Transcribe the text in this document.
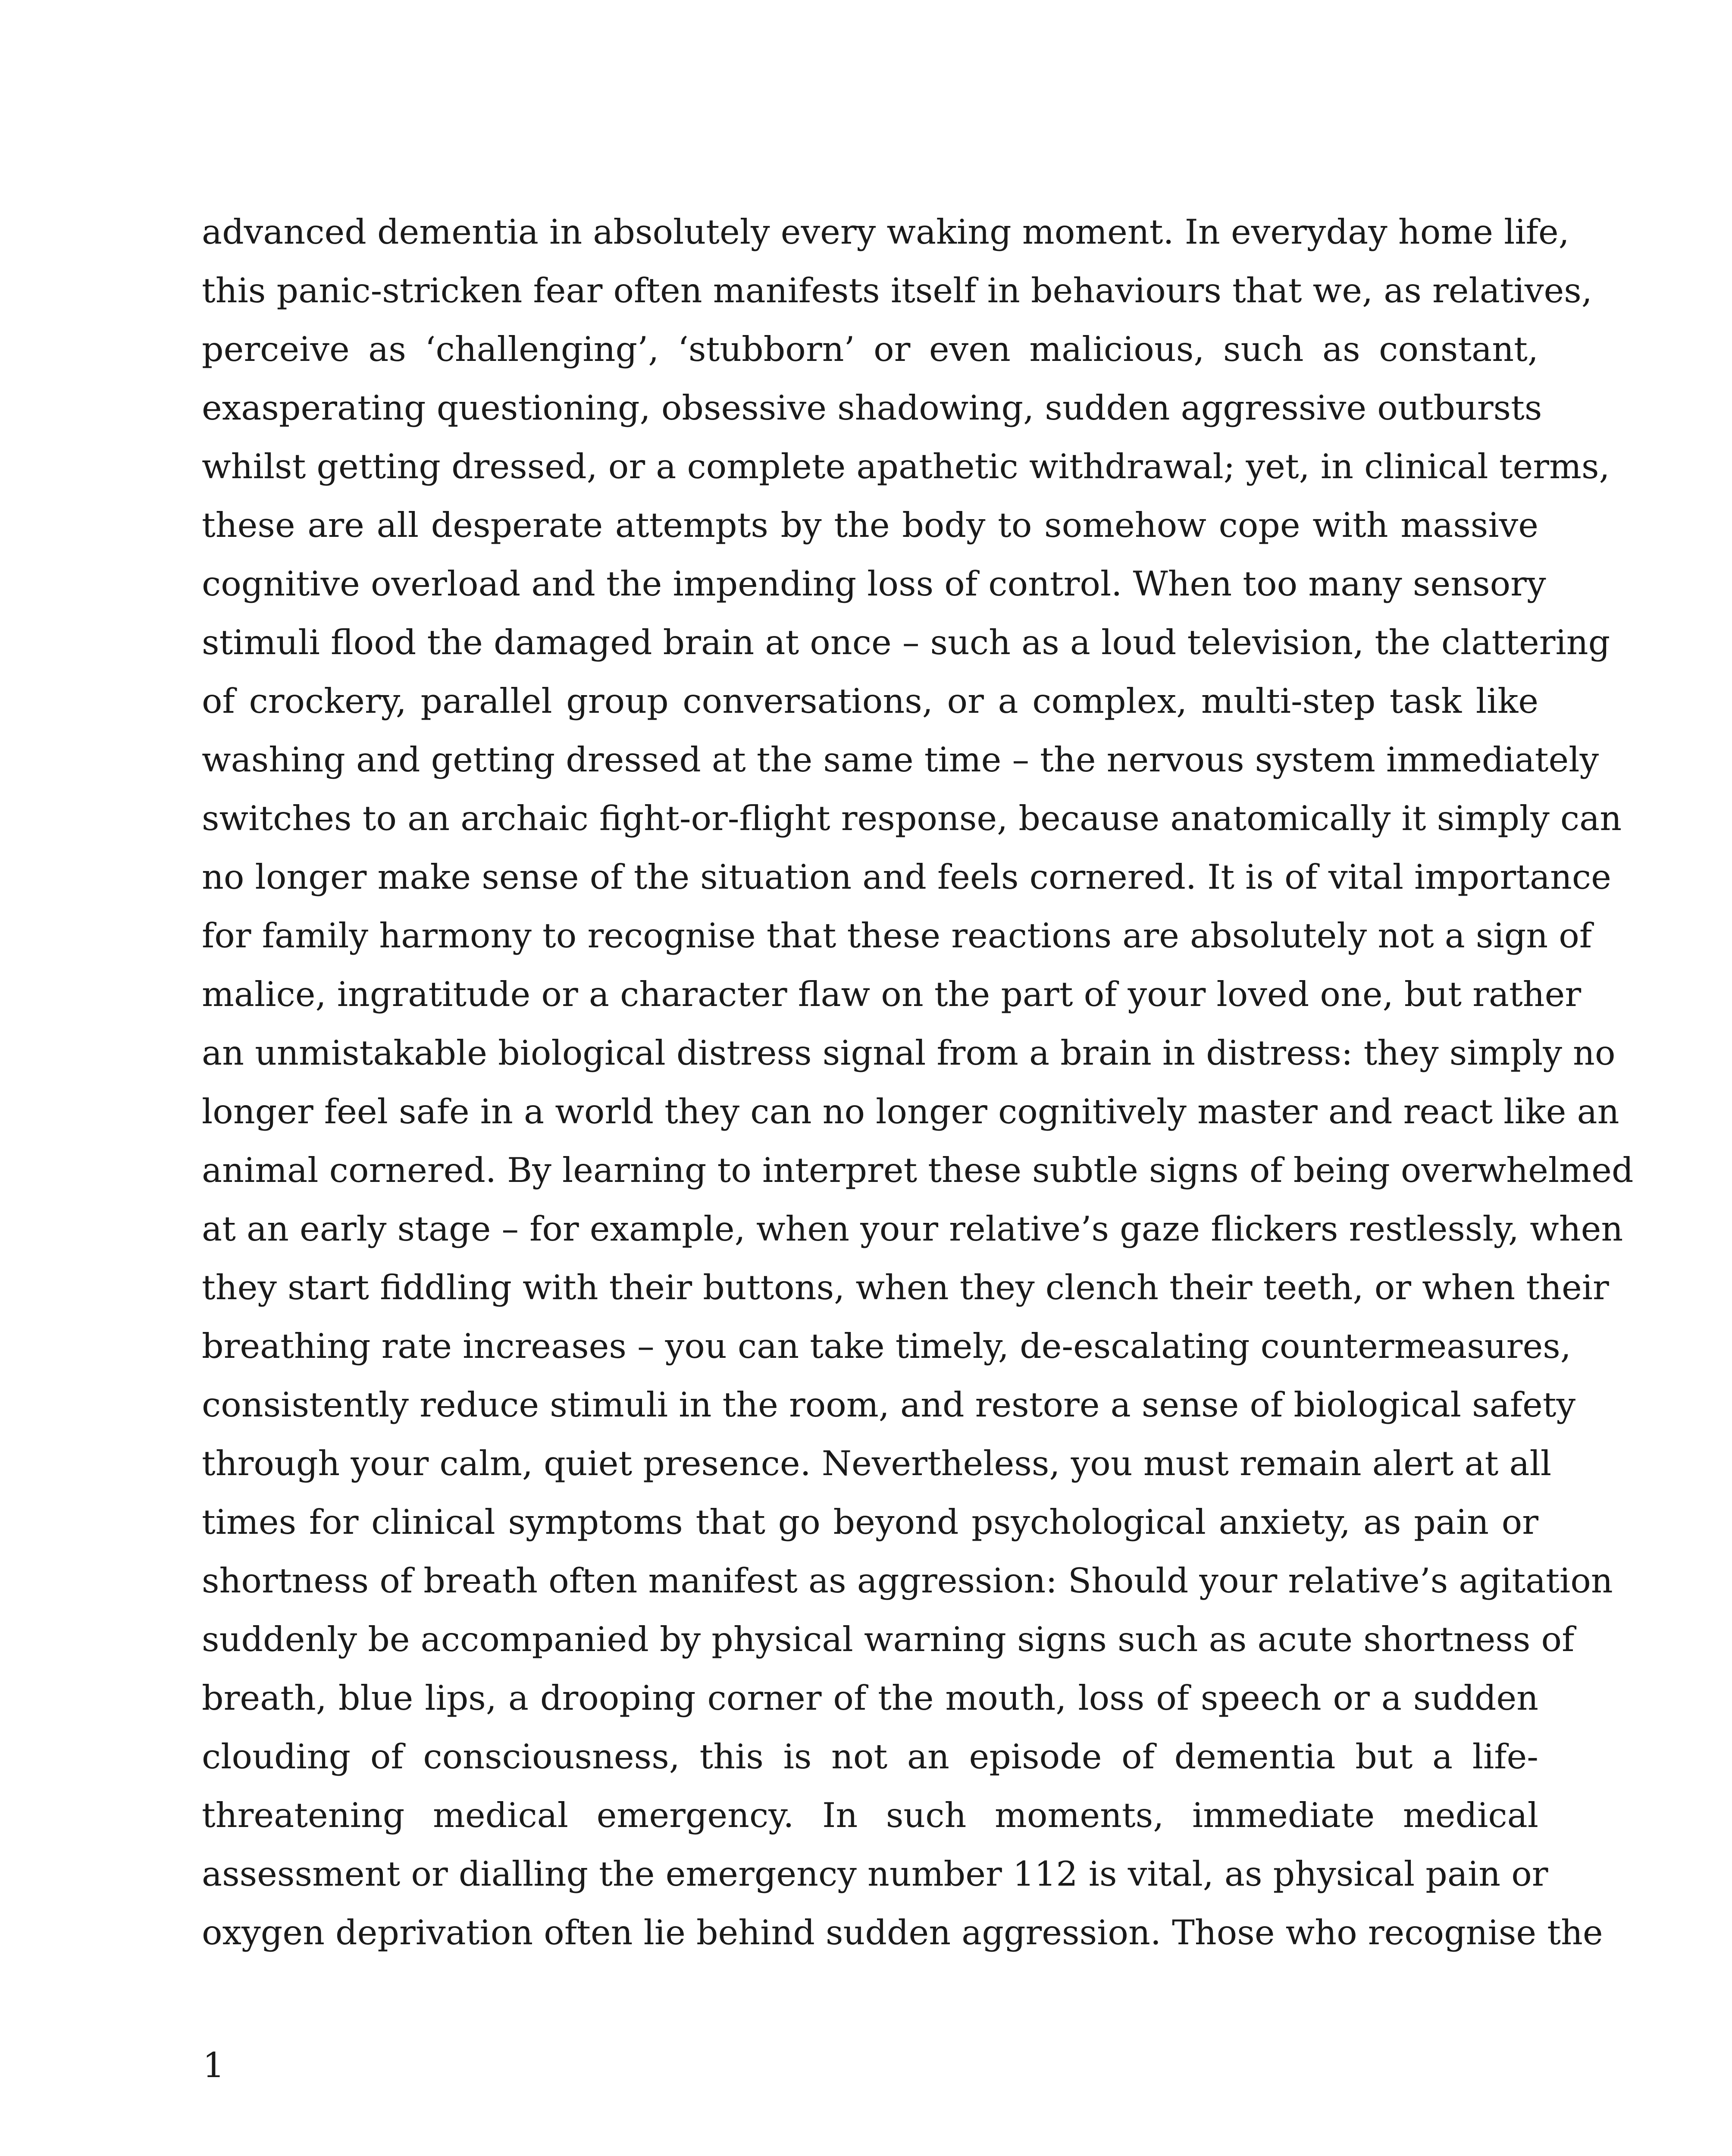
advanced dementia in absolutely every waking moment. In everyday home life,
this panic-stricken fear often manifests itself in behaviours that we, as relatives,
perceive as ‘challenging’, ‘stubborn’ or even malicious, such as constant,
exasperating questioning, obsessive shadowing, sudden aggressive outbursts
whilst getting dressed, or a complete apathetic withdrawal; yet, in clinical terms,
these are all desperate attempts by the body to somehow cope with massive
cognitive overload and the impending loss of control. When too many sensory
stimuli flood the damaged brain at once – such as a loud television, the clattering
of crockery, parallel group conversations, or a complex, multi-step task like
washing and getting dressed at the same time – the nervous system immediately
switches to an archaic fight-or-flight response, because anatomically it simply can
no longer make sense of the situation and feels cornered. It is of vital importance
for family harmony to recognise that these reactions are absolutely not a sign of
malice, ingratitude or a character flaw on the part of your loved one, but rather
an unmistakable biological distress signal from a brain in distress: they simply no
longer feel safe in a world they can no longer cognitively master and react like an
animal cornered. By learning to interpret these subtle signs of being overwhelmed
at an early stage – for example, when your relative’s gaze flickers restlessly, when
they start fiddling with their buttons, when they clench their teeth, or when their
breathing rate increases – you can take timely, de-escalating countermeasures,
consistently reduce stimuli in the room, and restore a sense of biological safety
through your calm, quiet presence. Nevertheless, you must remain alert at all
times for clinical symptoms that go beyond psychological anxiety, as pain or
shortness of breath often manifest as aggression: Should your relative’s agitation
suddenly be accompanied by physical warning signs such as acute shortness of
breath, blue lips, a drooping corner of the mouth, loss of speech or a sudden
clouding of consciousness, this is not an episode of dementia but a life-
threatening medical emergency. In such moments, immediate medical
assessment or dialling the emergency number 112 is vital, as physical pain or
oxygen deprivation often lie behind sudden aggression. Those who recognise the
1
